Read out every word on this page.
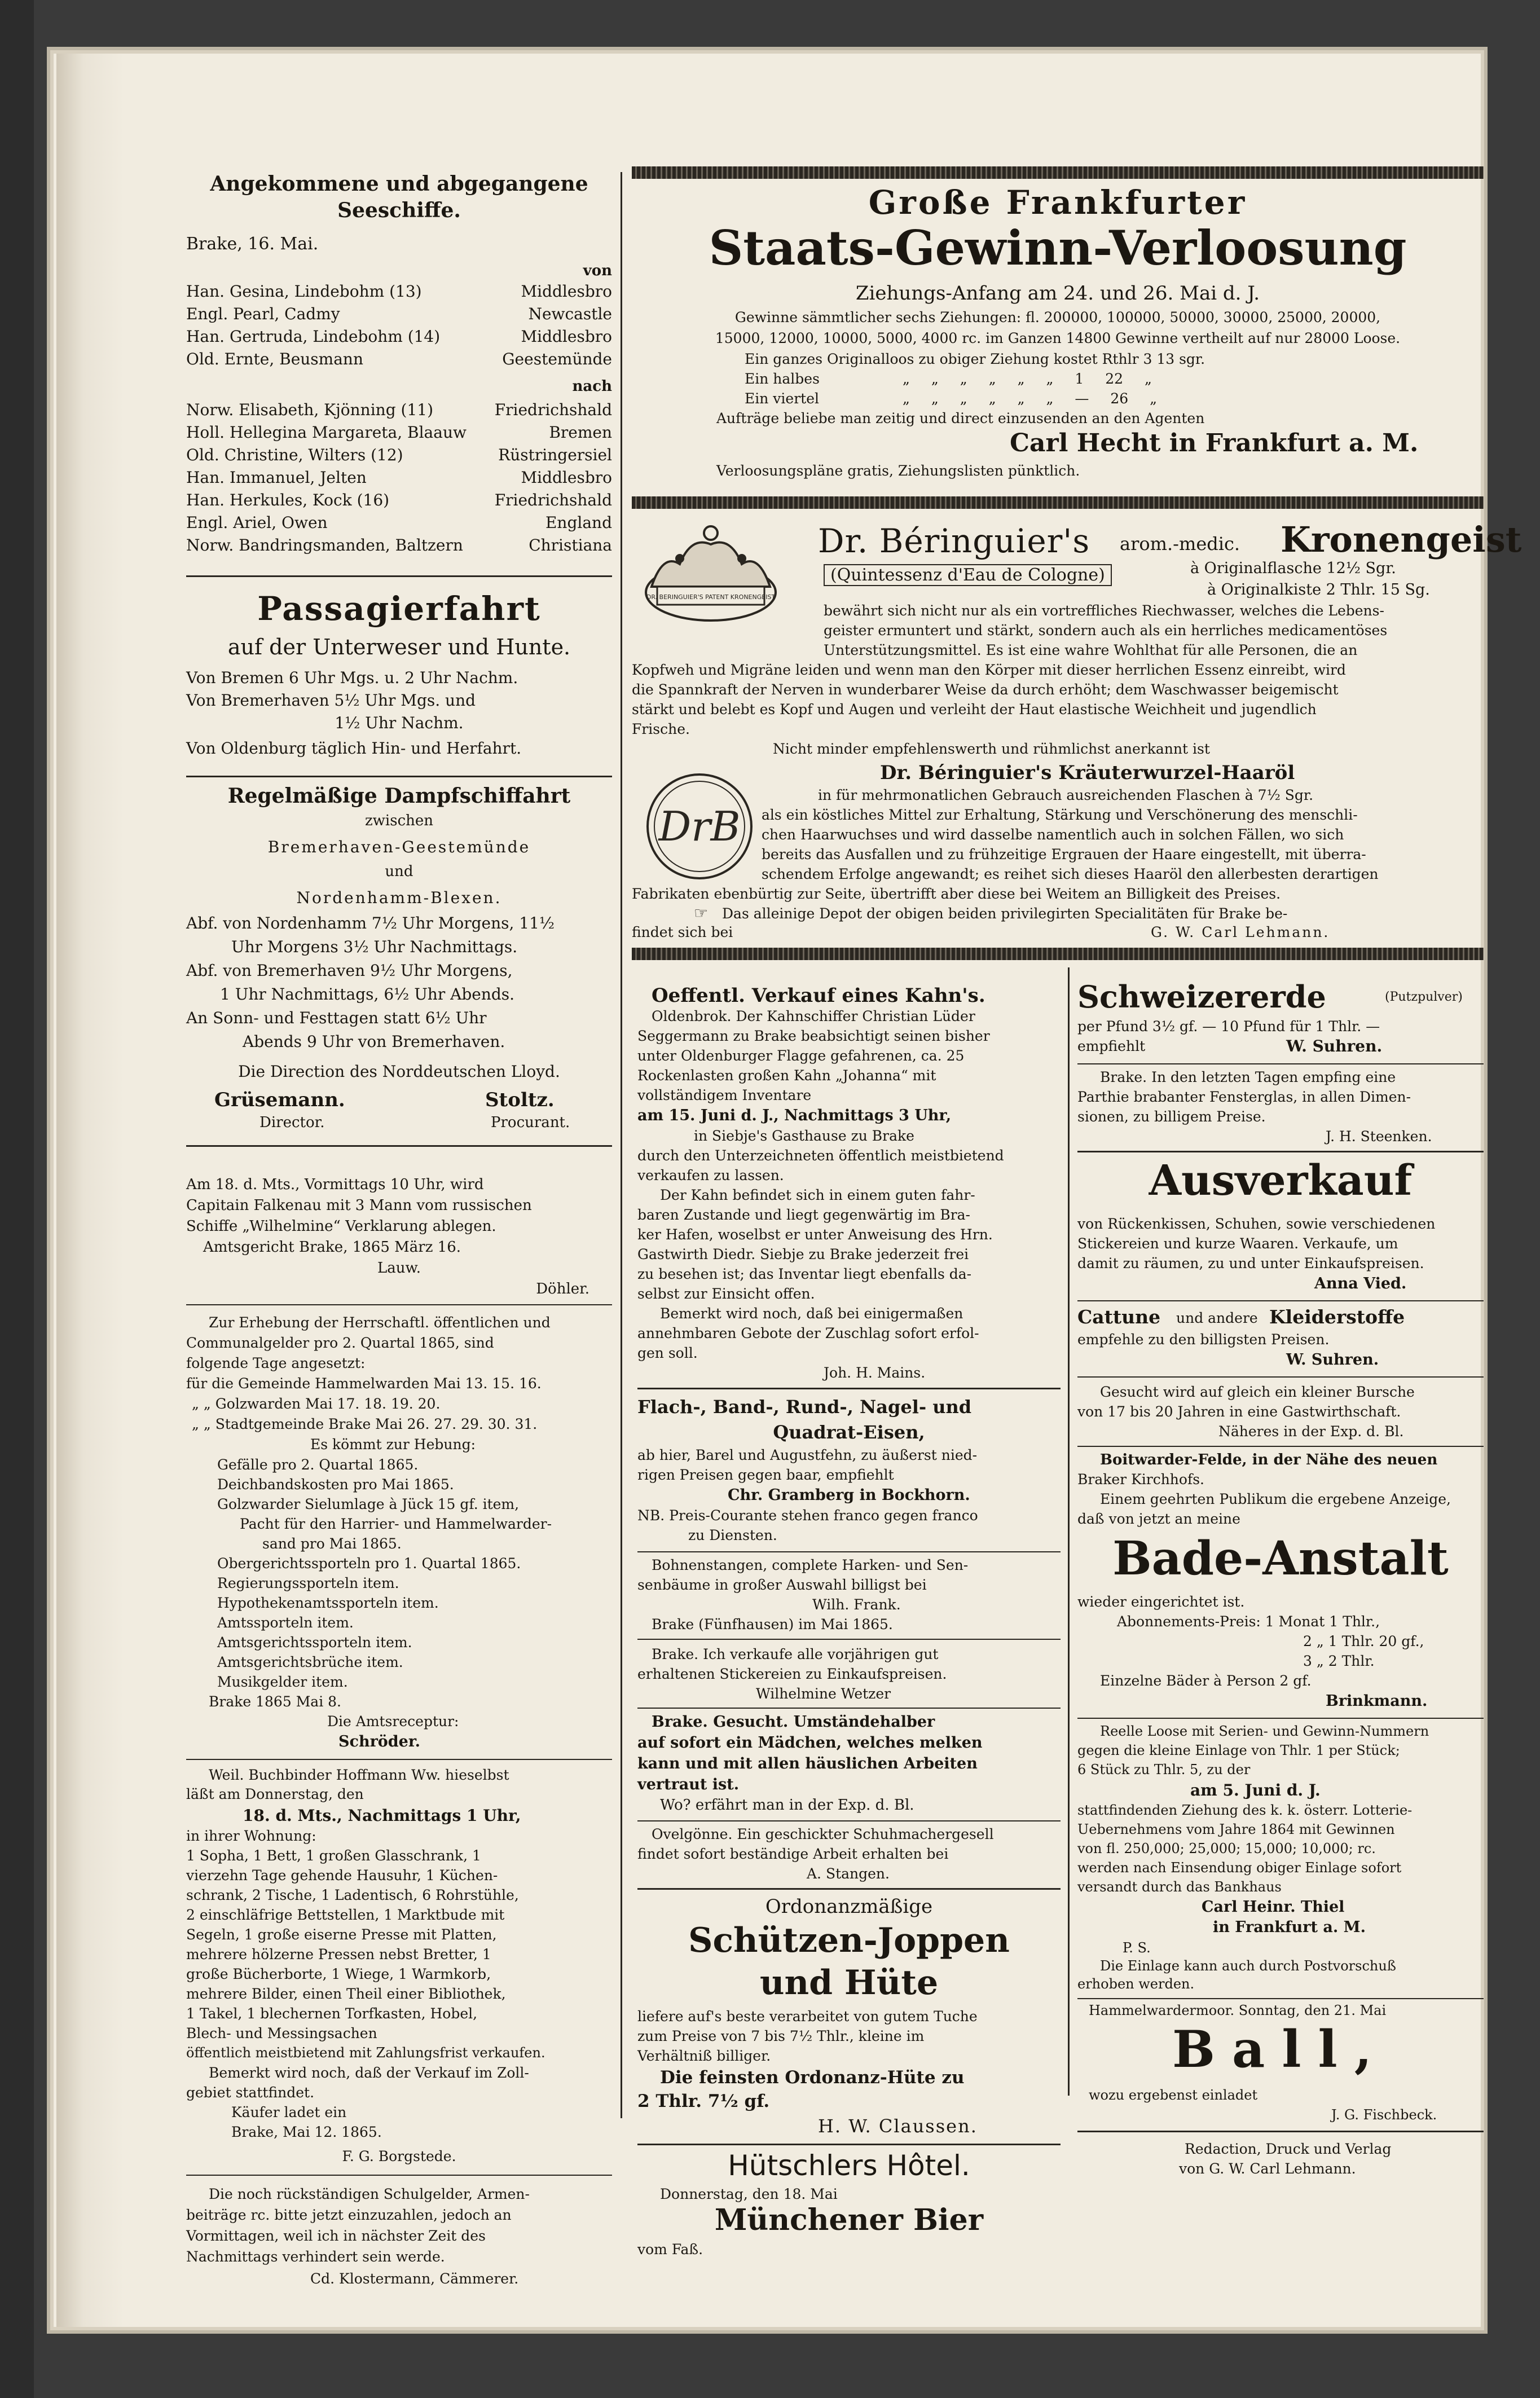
Angekommene und abgegangene
Seeschiffe.
Brake, 16. Mai.
von
Han. Gesina, Lindebohm (13)	Middlesbro
Engl. Pearl, Cadmy	Newcastle
Han. Gertruda, Lindebohm (14)	Middlesbro
Old. Ernte, Beusmann	Geestemünde
nach
Norw. Elisabeth, Kjönning (11)	Friedrichshald
Holl. Hellegina Margareta, Blaauw	Bremen
Old. Christine, Wilters (12)	Rüstringersiel
Han. Immanuel, Jelten	Middlesbro
Han. Herkules, Kock (16)	Friedrichshald
Engl. Ariel, Owen	England
Norw. Bandringsmanden, Baltzern	Christiana
Passagierfahrt
auf der Unterweser und Hunte.
Von Bremen 6 Uhr Mgs. u. 2 Uhr Nachm.
Von Bremerhaven 5½ Uhr Mgs. und
1½ Uhr Nachm.
Von Oldenburg täglich Hin- und Herfahrt.
Regelmäßige Dampfschiffahrt
zwischen
Bremerhaven-Geestemünde
und
Nordenhamm-Blexen.
Abf. von Nordenhamm 7½ Uhr Morgens, 11½
Uhr Morgens 3½ Uhr Nachmittags.
Abf. von Bremerhaven 9½ Uhr Morgens,
1 Uhr Nachmittags, 6½ Uhr Abends.
An Sonn- und Festtagen statt 6½ Uhr
Abends 9 Uhr von Bremerhaven.
Die Direction des Norddeutschen Lloyd.
Grüsemann.	Stoltz.
Director.	Procurant.
Am 18. d. Mts., Vormittags 10 Uhr, wird
Capitain Falkenau mit 3 Mann vom russischen
Schiffe „Wilhelmine“ Verklarung ablegen.
Amtsgericht Brake, 1865 März 16.
Lauw.
Döhler.
Zur Erhebung der Herrschaftl. öffentlichen und
Communalgelder pro 2. Quartal 1865, sind
folgende Tage angesetzt:
für die Gemeinde Hammelwarden Mai 13. 15. 16.
„ „ Golzwarden Mai 17. 18. 19. 20.
„ „ Stadtgemeinde Brake Mai 26. 27. 29. 30. 31.
Es kömmt zur Hebung:
Gefälle pro 2. Quartal 1865.
Deichbandskosten pro Mai 1865.
Golzwarder Sielumlage à Jück 15 gf. item,
Pacht für den Harrier- und Hammelwarder-
sand pro Mai 1865.
Obergerichtssporteln pro 1. Quartal 1865.
Regierungssporteln item.
Hypothekenamtssporteln item.
Amtssporteln item.
Amtsgerichtssporteln item.
Amtsgerichtsbrüche item.
Musikgelder item.
Brake 1865 Mai 8.
Die Amtsreceptur:
Schröder.
Weil. Buchbinder Hoffmann Ww. hieselbst
läßt am Donnerstag, den
18. d. Mts., Nachmittags 1 Uhr,
in ihrer Wohnung:
1 Sopha, 1 Bett, 1 großen Glasschrank, 1
vierzehn Tage gehende Hausuhr, 1 Küchen-
schrank, 2 Tische, 1 Ladentisch, 6 Rohrstühle,
2 einschläfrige Bettstellen, 1 Marktbude mit
Segeln, 1 große eiserne Presse mit Platten,
mehrere hölzerne Pressen nebst Bretter, 1
große Bücherborte, 1 Wiege, 1 Warmkorb,
mehrere Bilder, einen Theil einer Bibliothek,
1 Takel, 1 blechernen Torfkasten, Hobel,
Blech- und Messingsachen
öffentlich meistbietend mit Zahlungsfrist verkaufen.
Bemerkt wird noch, daß der Verkauf im Zoll-
gebiet stattfindet.
Käufer ladet ein
Brake, Mai 12. 1865.
F. G. Borgstede.
Die noch rückständigen Schulgelder, Armen-
beiträge rc. bitte jetzt einzuzahlen, jedoch an
Vormittagen, weil ich in nächster Zeit des
Nachmittags verhindert sein werde.
Cd. Klostermann, Cämmerer.
Große Frankfurter
Staats-Gewinn-Verloosung
Ziehungs-Anfang am 24. und 26. Mai d. J.
Gewinne sämmtlicher sechs Ziehungen: fl. 200000, 100000, 50000, 30000, 25000, 20000,
15000, 12000, 10000, 5000, 4000 rc. im Ganzen 14800 Gewinne vertheilt auf nur 28000 Loose.
Ein ganzes Originalloos zu obiger Ziehung kostet Rthlr 3 13 sgr.
Ein halbes	„ „ „ „ „ „ 1 22 „
Ein viertel	„ „ „ „ „ „ — 26 „
Aufträge beliebe man zeitig und direct einzusenden an den Agenten
Carl Hecht in Frankfurt a. M.
Verloosungspläne gratis, Ziehungslisten pünktlich.
DR. BERINGUIER'S PATENT KRONENGEIST
Dr. Béringuier's arom.-medic. Kronengeist
(Quintessenz d'Eau de Cologne)	à Originalflasche 12½ Sgr.
à Originalkiste 2 Thlr. 15 Sg.
bewährt sich nicht nur als ein vortreffliches Riechwasser, welches die Lebens-
geister ermuntert und stärkt, sondern auch als ein herrliches medicamentöses
Unterstützungsmittel. Es ist eine wahre Wohlthat für alle Personen, die an
Kopfweh und Migräne leiden und wenn man den Körper mit dieser herrlichen Essenz einreibt, wird
die Spannkraft der Nerven in wunderbarer Weise da durch erhöht; dem Waschwasser beigemischt
stärkt und belebt es Kopf und Augen und verleiht der Haut elastische Weichheit und jugendlich
Frische.
Nicht minder empfehlenswerth und rühmlichst anerkannt ist
Dr. Béringuier's Kräuterwurzel-Haaröl
DrB
in für mehrmonatlichen Gebrauch ausreichenden Flaschen à 7½ Sgr.
als ein köstliches Mittel zur Erhaltung, Stärkung und Verschönerung des menschli-
chen Haarwuchses und wird dasselbe namentlich auch in solchen Fällen, wo sich
bereits das Ausfallen und zu frühzeitige Ergrauen der Haare eingestellt, mit überra-
schendem Erfolge angewandt; es reihet sich dieses Haaröl den allerbesten derartigen
Fabrikaten ebenbürtig zur Seite, übertrifft aber diese bei Weitem an Billigkeit des Preises.
☞ Das alleinige Depot der obigen beiden privilegirten Specialitäten für Brake be-
findet sich bei	G. W. Carl Lehmann.
Oeffentl. Verkauf eines Kahn's.
Oldenbrok. Der Kahnschiffer Christian Lüder
Seggermann zu Brake beabsichtigt seinen bisher
unter Oldenburger Flagge gefahrenen, ca. 25
Rockenlasten großen Kahn „Johanna“ mit
vollständigem Inventare
am 15. Juni d. J., Nachmittags 3 Uhr,
in Siebje's Gasthause zu Brake
durch den Unterzeichneten öffentlich meistbietend
verkaufen zu lassen.
Der Kahn befindet sich in einem guten fahr-
baren Zustande und liegt gegenwärtig im Bra-
ker Hafen, woselbst er unter Anweisung des Hrn.
Gastwirth Diedr. Siebje zu Brake jederzeit frei
zu besehen ist; das Inventar liegt ebenfalls da-
selbst zur Einsicht offen.
Bemerkt wird noch, daß bei einigermaßen
annehmbaren Gebote der Zuschlag sofort erfol-
gen soll.
Joh. H. Mains.
Flach-, Band-, Rund-, Nagel- und
Quadrat-Eisen,
ab hier, Barel und Augustfehn, zu äußerst nied-
rigen Preisen gegen baar, empfiehlt
Chr. Gramberg in Bockhorn.
NB. Preis-Courante stehen franco gegen franco
zu Diensten.
Bohnenstangen, complete Harken- und Sen-
senbäume in großer Auswahl billigst bei
Wilh. Frank.
Brake (Fünfhausen) im Mai 1865.
Brake. Ich verkaufe alle vorjährigen gut
erhaltenen Stickereien zu Einkaufspreisen.
Wilhelmine Wetzer
Brake. Gesucht. Umständehalber
auf sofort ein Mädchen, welches melken
kann und mit allen häuslichen Arbeiten
vertraut ist.
Wo? erfährt man in der Exp. d. Bl.
Ovelgönne. Ein geschickter Schuhmachergesell
findet sofort beständige Arbeit erhalten bei
A. Stangen.
Ordonanzmäßige
Schützen-Joppen
und Hüte
liefere auf's beste verarbeitet von gutem Tuche
zum Preise von 7 bis 7½ Thlr., kleine im
Verhältniß billiger.
Die feinsten Ordonanz-Hüte zu
2 Thlr. 7½ gf.
H. W. Claussen.
Hütschlers Hôtel.
Donnerstag, den 18. Mai
Münchener Bier
vom Faß.
Schweizererde	(Putzpulver)
per Pfund 3½ gf. — 10 Pfund für 1 Thlr. —
empfiehlt	W. Suhren.
Brake. In den letzten Tagen empfing eine
Parthie brabanter Fensterglas, in allen Dimen-
sionen, zu billigem Preise.
J. H. Steenken.
Ausverkauf
von Rückenkissen, Schuhen, sowie verschiedenen
Stickereien und kurze Waaren. Verkaufe, um
damit zu räumen, zu und unter Einkaufspreisen.
Anna Vied.
Cattune und andere Kleiderstoffe
empfehle zu den billigsten Preisen.
W. Suhren.
Gesucht wird auf gleich ein kleiner Bursche
von 17 bis 20 Jahren in eine Gastwirthschaft.
Näheres in der Exp. d. Bl.
Boitwarder-Felde, in der Nähe des neuen
Braker Kirchhofs.
Einem geehrten Publikum die ergebene Anzeige,
daß von jetzt an meine
Bade-Anstalt
wieder eingerichtet ist.
Abonnements-Preis: 1 Monat 1 Thlr.,
2 „ 1 Thlr. 20 gf.,
3 „ 2 Thlr.
Einzelne Bäder à Person 2 gf.
Brinkmann.
Reelle Loose mit Serien- und Gewinn-Nummern
gegen die kleine Einlage von Thlr. 1 per Stück;
6 Stück zu Thlr. 5, zu der
am 5. Juni d. J.
stattfindenden Ziehung des k. k. österr. Lotterie-
Uebernehmens vom Jahre 1864 mit Gewinnen
von fl. 250,000; 25,000; 15,000; 10,000; rc.
werden nach Einsendung obiger Einlage sofort
versandt durch das Bankhaus
Carl Heinr. Thiel
in Frankfurt a. M.
P. S.
Die Einlage kann auch durch Postvorschuß
erhoben werden.
Hammelwardermoor. Sonntag, den 21. Mai
Ball,
wozu ergebenst einladet
J. G. Fischbeck.
Redaction, Druck und Verlag
von G. W. Carl Lehmann.
